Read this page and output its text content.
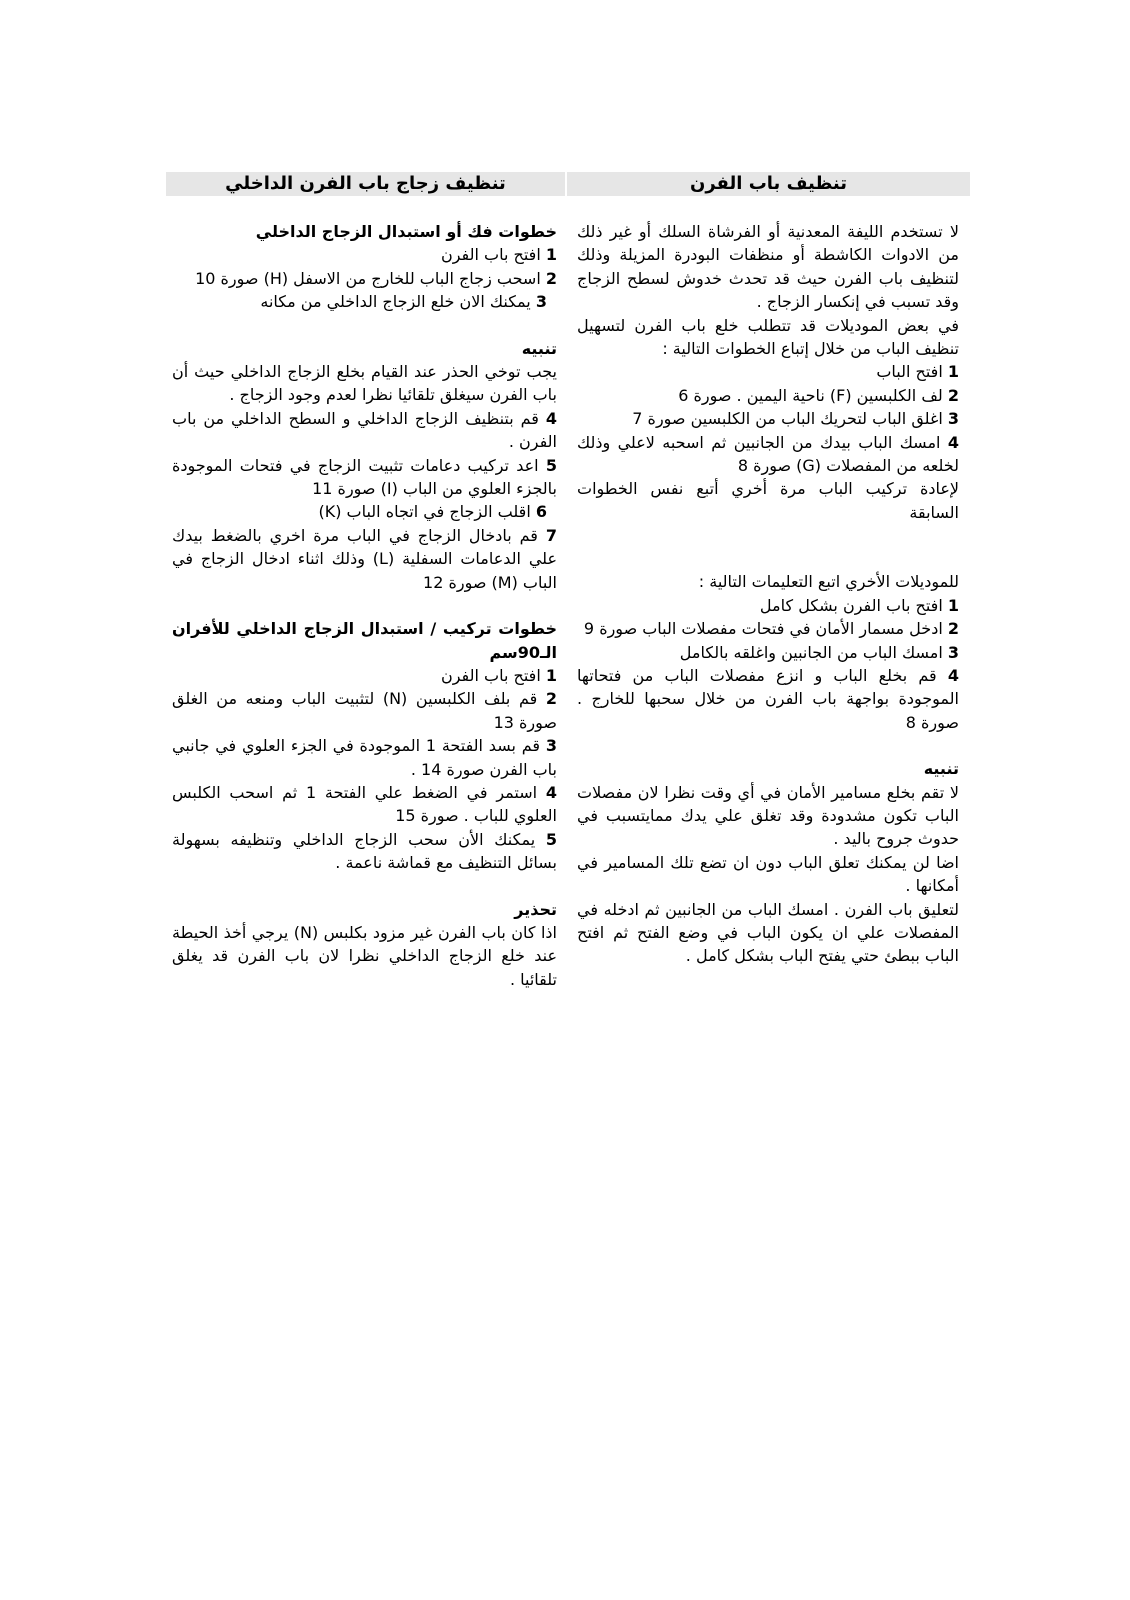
تنظيف باب الفرن
تنظيف زجاج باب الفرن الداخلي

لا تستخدم الليفة المعدنية أو الفرشاة السلك أو غير ذلك من الادوات الكاشطة أو منظفات البودرة المزيلة وذلك لتنظيف باب الفرن حيث قد تحدث خدوش لسطح الزجاج وقد تسبب في إنكسار الزجاج .

في بعض الموديلات قد تتطلب خلع باب الفرن لتسهيل تنظيف الباب من خلال إتباع الخطوات التالية :

1 افتح الباب

2 لف الكلبسين (F) ناحية اليمين . صورة 6

3 اغلق الباب لتحريك الباب من الكلبسين صورة 7

4 امسك الباب بيدك من الجانبين ثم اسحبه لاعلي وذلك لخلعه من المفصلات (G) صورة 8

لإعادة تركيب الباب مرة أخري أتبع نفس الخطوات السابقة

للموديلات الأخري اتبع التعليمات التالية :

1 افتح باب الفرن بشكل كامل

2 ادخل مسمار الأمان في فتحات مفصلات الباب صورة 9

3 امسك الباب من الجانبين واغلقه بالكامل

4 قم بخلع الباب و انزع مفصلات الباب من فتحاتها الموجودة بواجهة باب الفرن من خلال سحبها للخارج . صورة 8

تنبيه

لا تقم بخلع مسامير الأمان في أي وقت نظرا لان مفصلات الباب تكون مشدودة وقد تغلق علي يدك ممايتسبب في حدوث جروح باليد .

اضا لن يمكنك تعلق الباب دون ان تضع تلك المسامير في أمكانها .

لتعليق باب الفرن . امسك الباب من الجانبين ثم ادخله في المفصلات علي ان يكون الباب في وضع الفتح ثم افتح الباب ببطئ حتي يفتح الباب بشكل كامل .

خطوات فك أو استبدال الزجاج الداخلي

1 افتح باب الفرن

2 اسحب زجاج الباب للخارج من الاسفل (H) صورة 10

3 يمكنك الان خلع الزجاج الداخلي من مكانه

تنبيه

يجب توخي الحذر عند القيام بخلع الزجاج الداخلي حيث أن باب الفرن سيغلق تلقائيا نظرا لعدم وجود الزجاج .

4 قم بتنظيف الزجاج الداخلي و السطح الداخلي من باب الفرن .

5 اعد تركيب دعامات تثبيت الزجاج في فتحات الموجودة بالجزء العلوي من الباب (I) صورة 11

6 اقلب الزجاج في اتجاه الباب (K)

7 قم بادخال الزجاج في الباب مرة اخري بالضغط بيدك علي الدعامات السفلية (L) وذلك اثناء ادخال الزجاج في الباب (M) صورة 12

خطوات تركيب / استبدال الزجاج الداخلي للأفران الـ90سم

1 افتح باب الفرن

2 قم بلف الكلبسين (N) لتثبيت الباب ومنعه من الغلق صورة 13

3 قم بسد الفتحة 1 الموجودة في الجزء العلوي في جانبي باب الفرن صورة 14 .

4 استمر في الضغط علي الفتحة 1 ثم اسحب الكلبس العلوي للباب . صورة 15

5 يمكنك الأن سحب الزجاج الداخلي وتنظيفه بسهولة بسائل التنظيف مع قماشة ناعمة .

تحذير

اذا كان باب الفرن غير مزود بكلبس (N) يرجي أخذ الحيطة عند خلع الزجاج الداخلي نظرا لان باب الفرن قد يغلق تلقائيا .
